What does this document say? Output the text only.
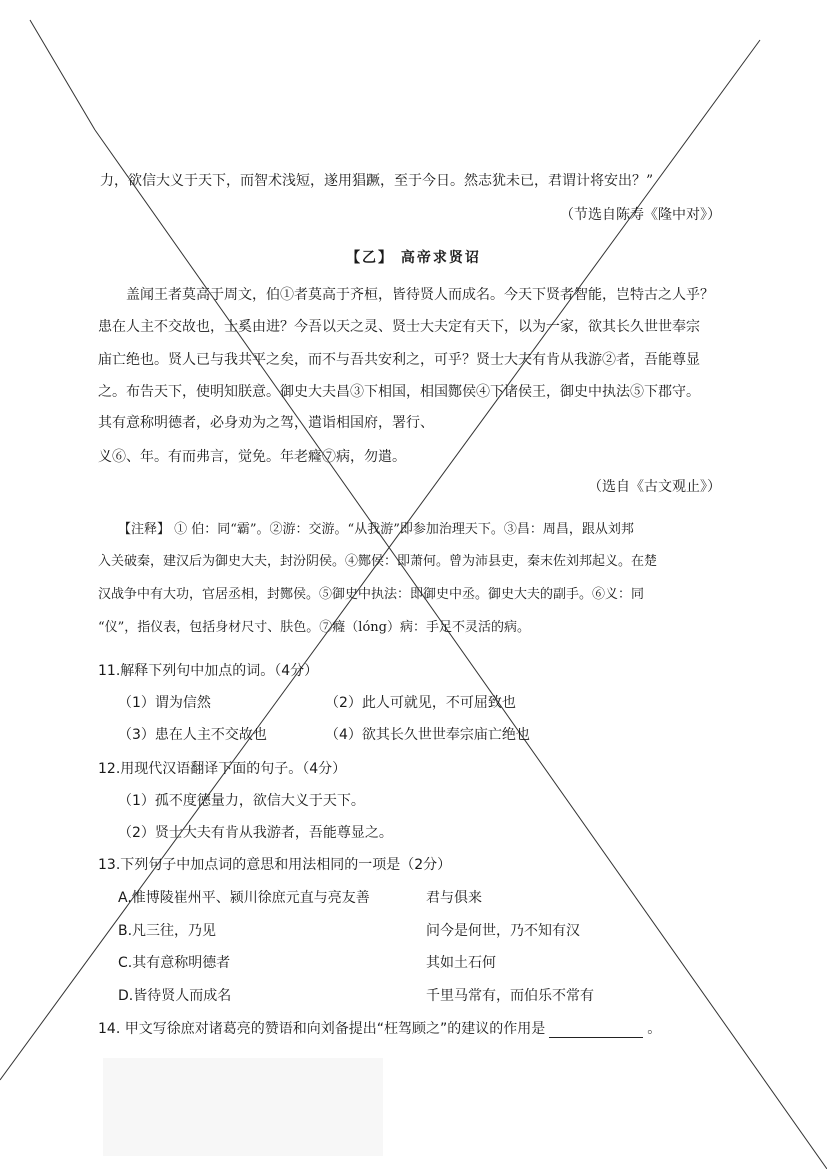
力，欲信大义于天下，而智术浅短，遂用猖蹶，至于今日。然志犹未已，君谓计将安出？”
（节选自陈寿《隆中对》）
【乙】 高帝求贤诏
盖闻王者莫高于周文，伯①者莫高于齐桓，皆待贤人而成名。今天下贤者智能，岂特古之人乎？
患在人主不交故也，士奚由进？今吾以天之灵、贤士大夫定有天下，以为一家，欲其长久世世奉宗
庙亡绝也。贤人已与我共平之矣，而不与吾共安利之，可乎？贤士大夫有肯从我游②者，吾能尊显
之。布告天下，使明知朕意。御史大夫昌③下相国，相国酂侯④下诸侯王，御史中执法⑤下郡守。
其有意称明德者，必身劝为之驾，遣诣相国府，署行、
义⑥、年。有而弗言，觉免。年老癃⑦病，勿遣。
（选自《古文观止》）
【注释】 ① 伯：同“霸”。②游：交游。“从我游”即参加治理天下。③昌：周昌，跟从刘邦
入关破秦，建汉后为御史大夫，封汾阴侯。④酂侯：即萧何。曾为沛县吏，秦末佐刘邦起义。在楚
汉战争中有大功，官居丞相，封酂侯。⑤御史中执法：即御史中丞。御史大夫的副手。⑥义：同
“仪”，指仪表，包括身材尺寸、肤色。⑦癃（lóng）病：手足不灵活的病。
11.解释下列句中加点的词。（4分）
（1）谓为信然	（2）此人可就见，不可屈致也
（3）患在人主不交故也	（4）欲其长久世世奉宗庙亡绝也
12.用现代汉语翻译下面的句子。（4分）
（1）孤不度德量力，欲信大义于天下。
（2）贤士大夫有肯从我游者，吾能尊显之。
13.下列句子中加点词的意思和用法相同的一项是（2分）
A.惟博陵崔州平、颍川徐庶元直与亮友善	君与俱来
B.凡三往，乃见	问今是何世，乃不知有汉
C.其有意称明德者	其如土石何
D.皆待贤人而成名	千里马常有，而伯乐不常有
14. 甲文写徐庶对诸葛亮的赞语和向刘备提出“枉驾顾之”的建议的作用是	。
